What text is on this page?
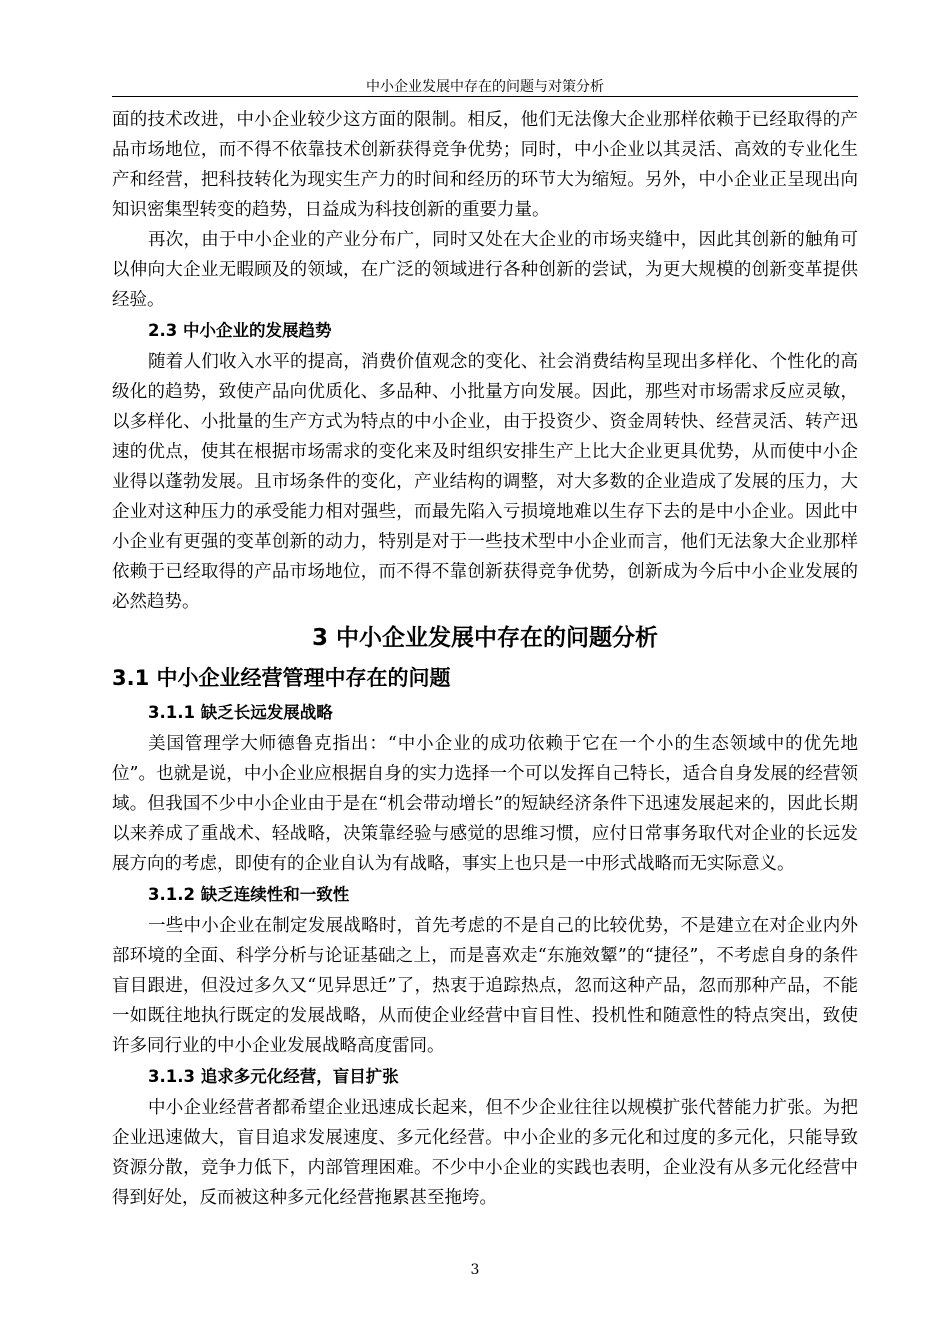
中小企业发展中存在的问题与对策分析

面的技术改进，中小企业较少这方面的限制。相反，他们无法像大企业那样依赖于已经取得的产品市场地位，而不得不依靠技术创新获得竞争优势；同时，中小企业以其灵活、高效的专业化生产和经营，把科技转化为现实生产力的时间和经历的环节大为缩短。另外，中小企业正呈现出向知识密集型转变的趋势，日益成为科技创新的重要力量。

再次，由于中小企业的产业分布广，同时又处在大企业的市场夹缝中，因此其创新的触角可以伸向大企业无暇顾及的领域，在广泛的领域进行各种创新的尝试，为更大规模的创新变革提供经验。

2.3 中小企业的发展趋势

随着人们收入水平的提高，消费价值观念的变化、社会消费结构呈现出多样化、个性化的高级化的趋势，致使产品向优质化、多品种、小批量方向发展。因此，那些对市场需求反应灵敏，以多样化、小批量的生产方式为特点的中小企业，由于投资少、资金周转快、经营灵活、转产迅速的优点，使其在根据市场需求的变化来及时组织安排生产上比大企业更具优势，从而使中小企业得以蓬勃发展。且市场条件的变化，产业结构的调整，对大多数的企业造成了发展的压力，大企业对这种压力的承受能力相对强些，而最先陷入亏损境地难以生存下去的是中小企业。因此中小企业有更强的变革创新的动力，特别是对于一些技术型中小企业而言，他们无法象大企业那样依赖于已经取得的产品市场地位，而不得不靠创新获得竞争优势，创新成为今后中小企业发展的必然趋势。

3 中小企业发展中存在的问题分析

3.1 中小企业经营管理中存在的问题

3.1.1 缺乏长远发展战略

美国管理学大师德鲁克指出：“中小企业的成功依赖于它在一个小的生态领域中的优先地位”。也就是说，中小企业应根据自身的实力选择一个可以发挥自己特长，适合自身发展的经营领域。但我国不少中小企业由于是在“机会带动增长”的短缺经济条件下迅速发展起来的，因此长期以来养成了重战术、轻战略，决策靠经验与感觉的思维习惯，应付日常事务取代对企业的长远发展方向的考虑，即使有的企业自认为有战略，事实上也只是一中形式战略而无实际意义。

3.1.2 缺乏连续性和一致性

一些中小企业在制定发展战略时，首先考虑的不是自己的比较优势，不是建立在对企业内外部环境的全面、科学分析与论证基础之上，而是喜欢走“东施效颦”的“捷径”，不考虑自身的条件盲目跟进，但没过多久又“见异思迁”了，热衷于追踪热点，忽而这种产品，忽而那种产品，不能一如既往地执行既定的发展战略，从而使企业经营中盲目性、投机性和随意性的特点突出，致使许多同行业的中小企业发展战略高度雷同。

3.1.3 追求多元化经营，盲目扩张

中小企业经营者都希望企业迅速成长起来，但不少企业往往以规模扩张代替能力扩张。为把企业迅速做大，盲目追求发展速度、多元化经营。中小企业的多元化和过度的多元化，只能导致资源分散，竞争力低下，内部管理困难。不少中小企业的实践也表明，企业没有从多元化经营中得到好处，反而被这种多元化经营拖累甚至拖垮。

3
